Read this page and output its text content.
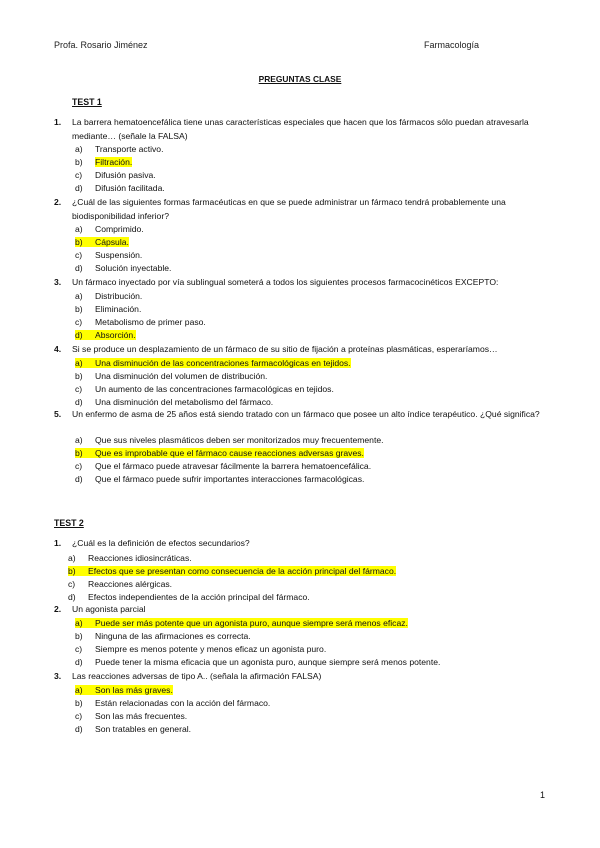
Profa. Rosario Jiménez	Farmacología
PREGUNTAS CLASE
TEST 1
1. La barrera hematoencefálica tiene unas características especiales que hacen que los fármacos sólo puedan atravesarla mediante… (señale la FALSA)
a) Transporte activo.
b) Filtración.
c) Difusión pasiva.
d) Difusión facilitada.
2. ¿Cuál de las siguientes formas farmacéuticas en que se puede administrar un fármaco tendrá probablemente una biodisponibilidad inferior?
a) Comprimido.
b) Cápsula.
c) Suspensión.
d) Solución inyectable.
3. Un fármaco inyectado por vía sublingual someterá a todos los siguientes procesos farmacocinéticos EXCEPTO:
a) Distribución.
b) Eliminación.
c) Metabolismo de primer paso.
d) Absorción.
4. Si se produce un desplazamiento de un fármaco de su sitio de fijación a proteínas plasmáticas, esperaríamos…
a) Una disminución de las concentraciones farmacológicas en tejidos.
b) Una disminución del volumen de distribución.
c) Un aumento de las concentraciones farmacológicas en tejidos.
d) Una disminución del metabolismo del fármaco.
5. Un enfermo de asma de 25 años está siendo tratado con un fármaco que posee un alto índice terapéutico. ¿Qué significa?
a) Que sus niveles plasmáticos deben ser monitorizados muy frecuentemente.
b) Que es improbable que el fármaco cause reacciones adversas graves.
c) Que el fármaco puede atravesar fácilmente la barrera hematoencefálica.
d) Que el fármaco puede sufrir importantes interacciones farmacológicas.
TEST 2
1. ¿Cuál es la definición de efectos secundarios?
a) Reacciones idiosincráticas.
b) Efectos que se presentan como consecuencia de la acción principal del fármaco.
c) Reacciones alérgicas.
d) Efectos independientes de la acción principal del fármaco.
2. Un agonista parcial
a) Puede ser más potente que un agonista puro, aunque siempre será menos eficaz.
b) Ninguna de las afirmaciones es correcta.
c) Siempre es menos potente y menos eficaz un agonista puro.
d) Puede tener la misma eficacia que un agonista puro, aunque siempre será menos potente.
3. Las reacciones adversas de tipo A.. (señala la afirmación FALSA)
a) Son las más graves.
b) Están relacionadas con la acción del fármaco.
c) Son las más frecuentes.
d) Son tratables en general.
1
